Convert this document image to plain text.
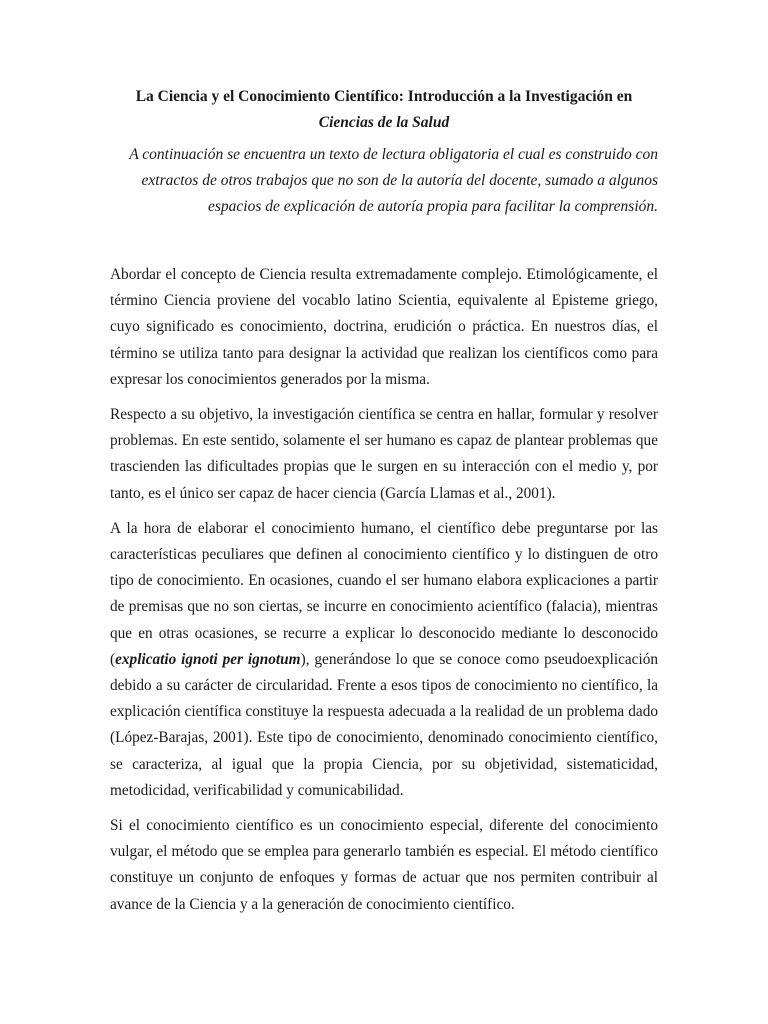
La Ciencia y el Conocimiento Científico: Introducción a la Investigación en
Ciencias de la Salud
A continuación se encuentra un texto de lectura obligatoria el cual es construido con
extractos de otros trabajos que no son de la autoría del docente, sumado a algunos
espacios de explicación de autoría propia para facilitar la comprensión.

Abordar el concepto de Ciencia resulta extremadamente complejo. Etimológicamente, el término Ciencia proviene del vocablo latino Scientia, equivalente al Episteme griego, cuyo significado es conocimiento, doctrina, erudición o práctica. En nuestros días, el término se utiliza tanto para designar la actividad que realizan los científicos como para expresar los conocimientos generados por la misma.

Respecto a su objetivo, la investigación científica se centra en hallar, formular y resolver problemas. En este sentido, solamente el ser humano es capaz de plantear problemas que trascienden las dificultades propias que le surgen en su interacción con el medio y, por tanto, es el único ser capaz de hacer ciencia (García Llamas et al., 2001).

A la hora de elaborar el conocimiento humano, el científico debe preguntarse por las características peculiares que definen al conocimiento científico y lo distinguen de otro tipo de conocimiento. En ocasiones, cuando el ser humano elabora explicaciones a partir de premisas que no son ciertas, se incurre en conocimiento acientífico (falacia), mientras que en otras ocasiones, se recurre a explicar lo desconocido mediante lo desconocido (explicatio ignoti per ignotum), generándose lo que se conoce como pseudoexplicación debido a su carácter de circularidad. Frente a esos tipos de conocimiento no científico, la explicación científica constituye la respuesta adecuada a la realidad de un problema dado (López-Barajas, 2001). Este tipo de conocimiento, denominado conocimiento científico, se caracteriza, al igual que la propia Ciencia, por su objetividad, sistematicidad, metodicidad, verificabilidad y comunicabilidad.

Si el conocimiento científico es un conocimiento especial, diferente del conocimiento vulgar, el método que se emplea para generarlo también es especial. El método científico constituye un conjunto de enfoques y formas de actuar que nos permiten contribuir al avance de la Ciencia y a la generación de conocimiento científico.
